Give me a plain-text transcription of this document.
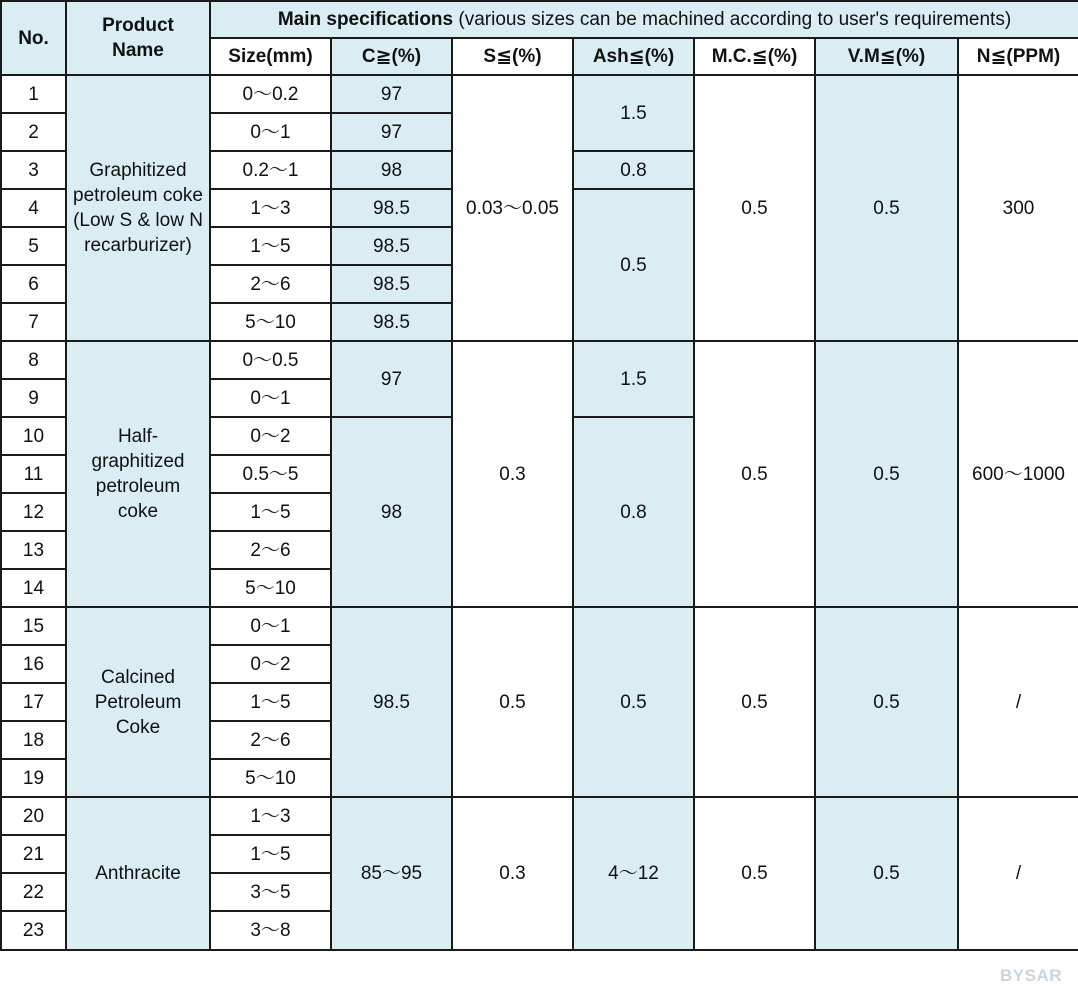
No.	Product Name	Main specifications (various sizes can be machined according to user's requirements)						
		Size(mm)	C≧(%)	S≦(%)	Ash≦(%)	M.C.≦(%)	V.M≦(%)	N≦(PPM)
1	Graphitized petroleum coke (Low S & low N recarburizer)	0〜0.2	97	0.03〜0.05	1.5	0.5	0.5	300
2		0〜1	97					
3		0.2〜1	98		0.8			
4		1〜3	98.5		0.5			
5		1〜5	98.5					
6		2〜6	98.5					
7		5〜10	98.5					
8	Half-graphitized petroleum coke	0〜0.5	97	0.3	1.5	0.5	0.5	600〜1000
9		0〜1						
10		0〜2	98		0.8			
11		0.5〜5						
12		1〜5						
13		2〜6						
14		5〜10						
15	Calcined Petroleum Coke	0〜1	98.5	0.5	0.5	0.5	0.5	/
16		0〜2						
17		1〜5						
18		2〜6						
19		5〜10						
20	Anthracite	1〜3	85〜95	0.3	4〜12	0.5	0.5	/
21		1〜5						
22		3〜5						
23		3〜8						
BYSAR
